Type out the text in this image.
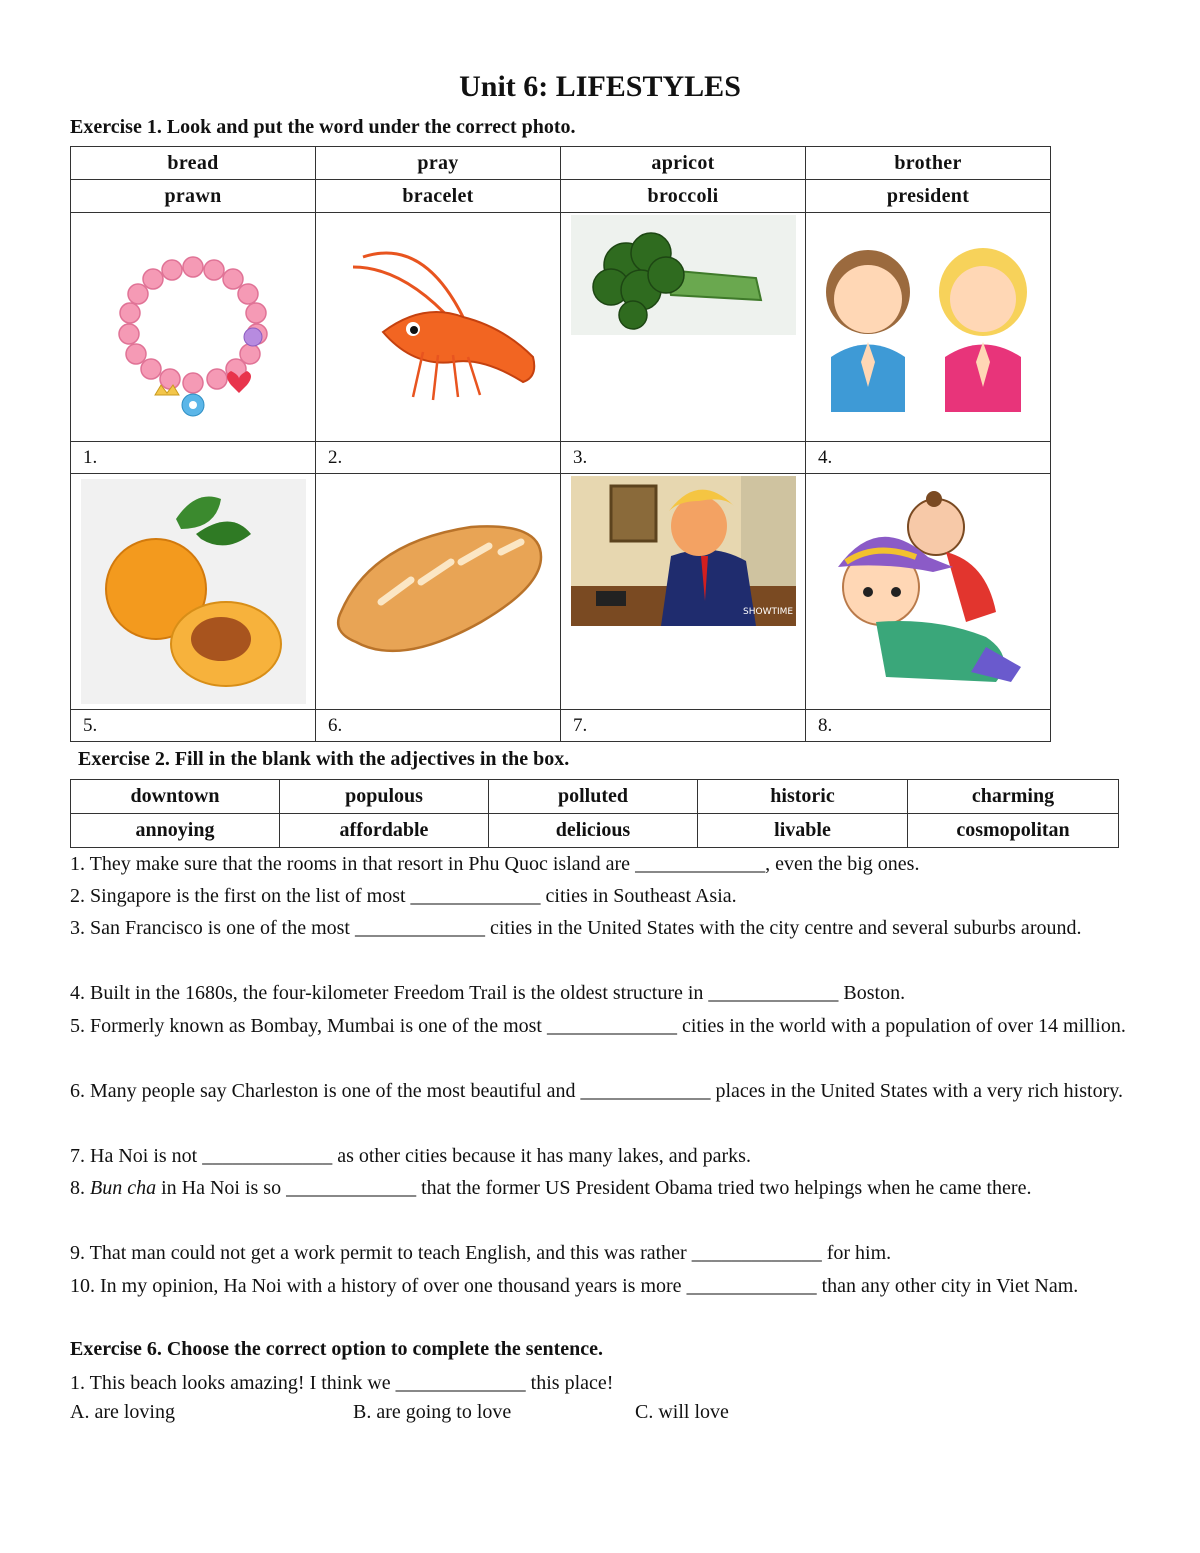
Unit 6: LIFESTYLES
Exercise 1. Look and put the word under the correct photo.
bread	pray	apricot	brother
prawn	bracelet	broccoli	president

1.	2.	3.	4.

SHOWTIME

5.	6.	7.	8.
Exercise 2. Fill in the blank with the adjectives in the box.
downtown	populous	polluted	historic	charming
annoying	affordable	delicious	livable	cosmopolitan
1. They make sure that the rooms in that resort in Phu Quoc island are _____________, even the big ones.
2. Singapore is the first on the list of most _____________ cities in Southeast Asia.
3. San Francisco is one of the most _____________ cities in the United States with the city centre and several suburbs around.
4. Built in the 1680s, the four-kilometer Freedom Trail is the oldest structure in _____________ Boston.
5. Formerly known as Bombay, Mumbai is one of the most _____________ cities in the world with a population of over 14 million.
6. Many people say Charleston is one of the most beautiful and _____________ places in the United States with a very rich history.
7. Ha Noi is not _____________ as other cities because it has many lakes, and parks.
8. Bun cha in Ha Noi is so _____________ that the former US President Obama tried two helpings when he came there.
9. That man could not get a work permit to teach English, and this was rather _____________ for him.
10. In my opinion, Ha Noi with a history of over one thousand years is more _____________ than any other city in Viet Nam.
Exercise 6. Choose the correct option to complete the sentence.
1. This beach looks amazing! I think we _____________ this place!
A. are loving	B. are going to love	C. will love
